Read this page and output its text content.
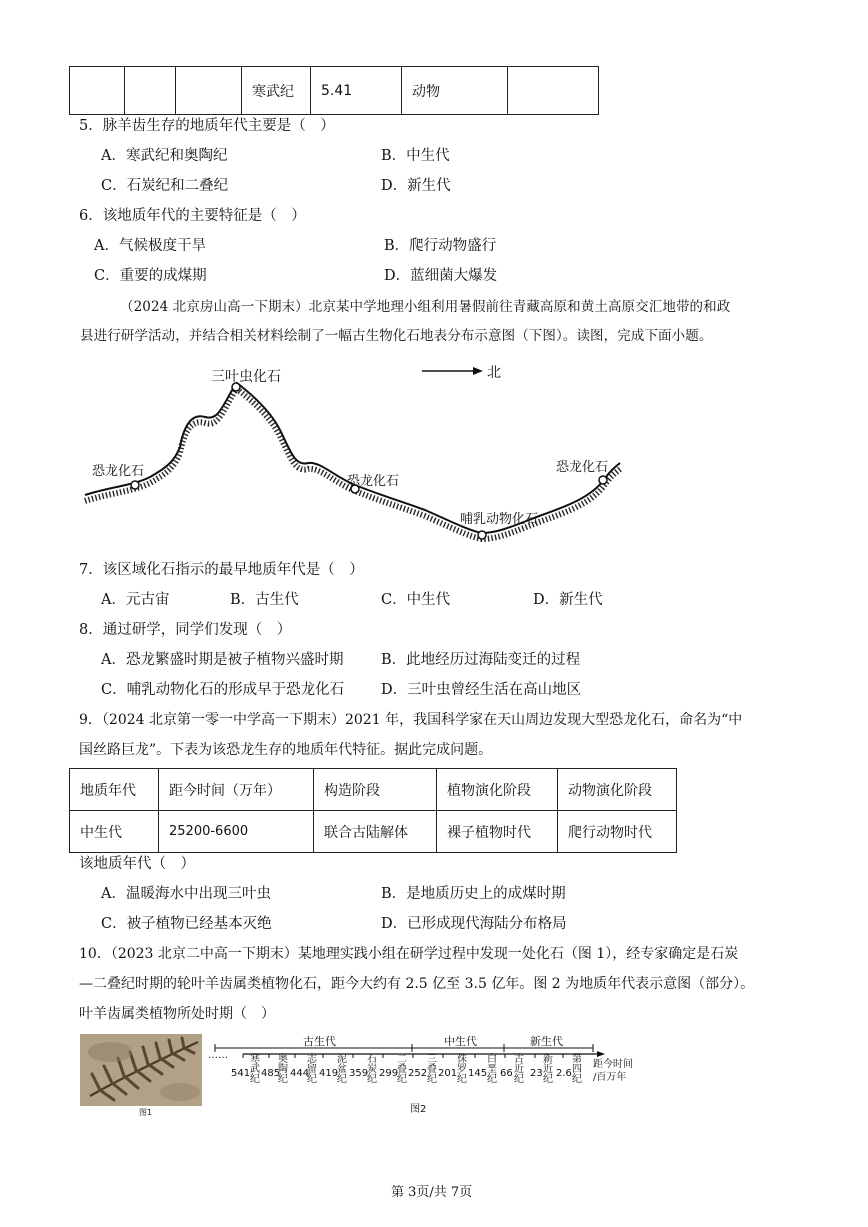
			寒武纪	5.41	动物	
5．脉羊齿生存的地质年代主要是（　）
A．寒武纪和奥陶纪	B．中生代
C．石炭纪和二叠纪	D．新生代
6．该地质年代的主要特征是（　）
A．气候极度干旱	B．爬行动物盛行
C．重要的成煤期	D．蓝细菌大爆发
（2024 北京房山高一下期末）北京某中学地理小组利用暑假前往青藏高原和黄土高原交汇地带的和政
县进行研学活动，并结合相关材料绘制了一幅古生物化石地表分布示意图（下图）。读图，完成下面小题。
三叶虫化石	北
恐龙化石
恐龙化石
恐龙化石
哺乳动物化石
7．该区域化石指示的最早地质年代是（　）
A．元古宙	B．古生代	C．中生代	D．新生代
8．通过研学，同学们发现（　）
A．恐龙繁盛时期是被子植物兴盛时期	B．此地经历过海陆变迁的过程
C．哺乳动物化石的形成早于恐龙化石	D．三叶虫曾经生活在高山地区
9．（2024 北京第一零一中学高一下期末）2021 年，我国科学家在天山周边发现大型恐龙化石，命名为“中
国丝路巨龙”。下表为该恐龙生存的地质年代特征。据此完成问题。
地质年代	距今时间（万年）	构造阶段	植物演化阶段	动物演化阶段
中生代	25200-6600	联合古陆解体	裸子植物时代	爬行动物时代
该地质年代（　）
A．温暖海水中出现三叶虫	B．是地质历史上的成煤时期
C．被子植物已经基本灭绝	D．已形成现代海陆分布格局
10．（2023 北京二中高一下期末）某地理实践小组在研学过程中发现一处化石（图 1），经专家确定是石炭
—二叠纪时期的轮叶羊齿属类植物化石，距今大约有 2.5 亿至 3.5 亿年。图 2 为地质年代表示意图（部分）。
叶羊齿属类植物所处时期（　）
图1
古生代	中生代	新生代
…… 寒武纪
奥陶纪
志留纪
泥盆纪
石炭纪
二叠纪
三叠纪
侏罗纪
白垩纪
古近纪
新近纪
第四纪
541 485 444 419 359 299 252 201 145 66 23 2.6
距今时间
/百万年
图2
第 3页/共 7页
